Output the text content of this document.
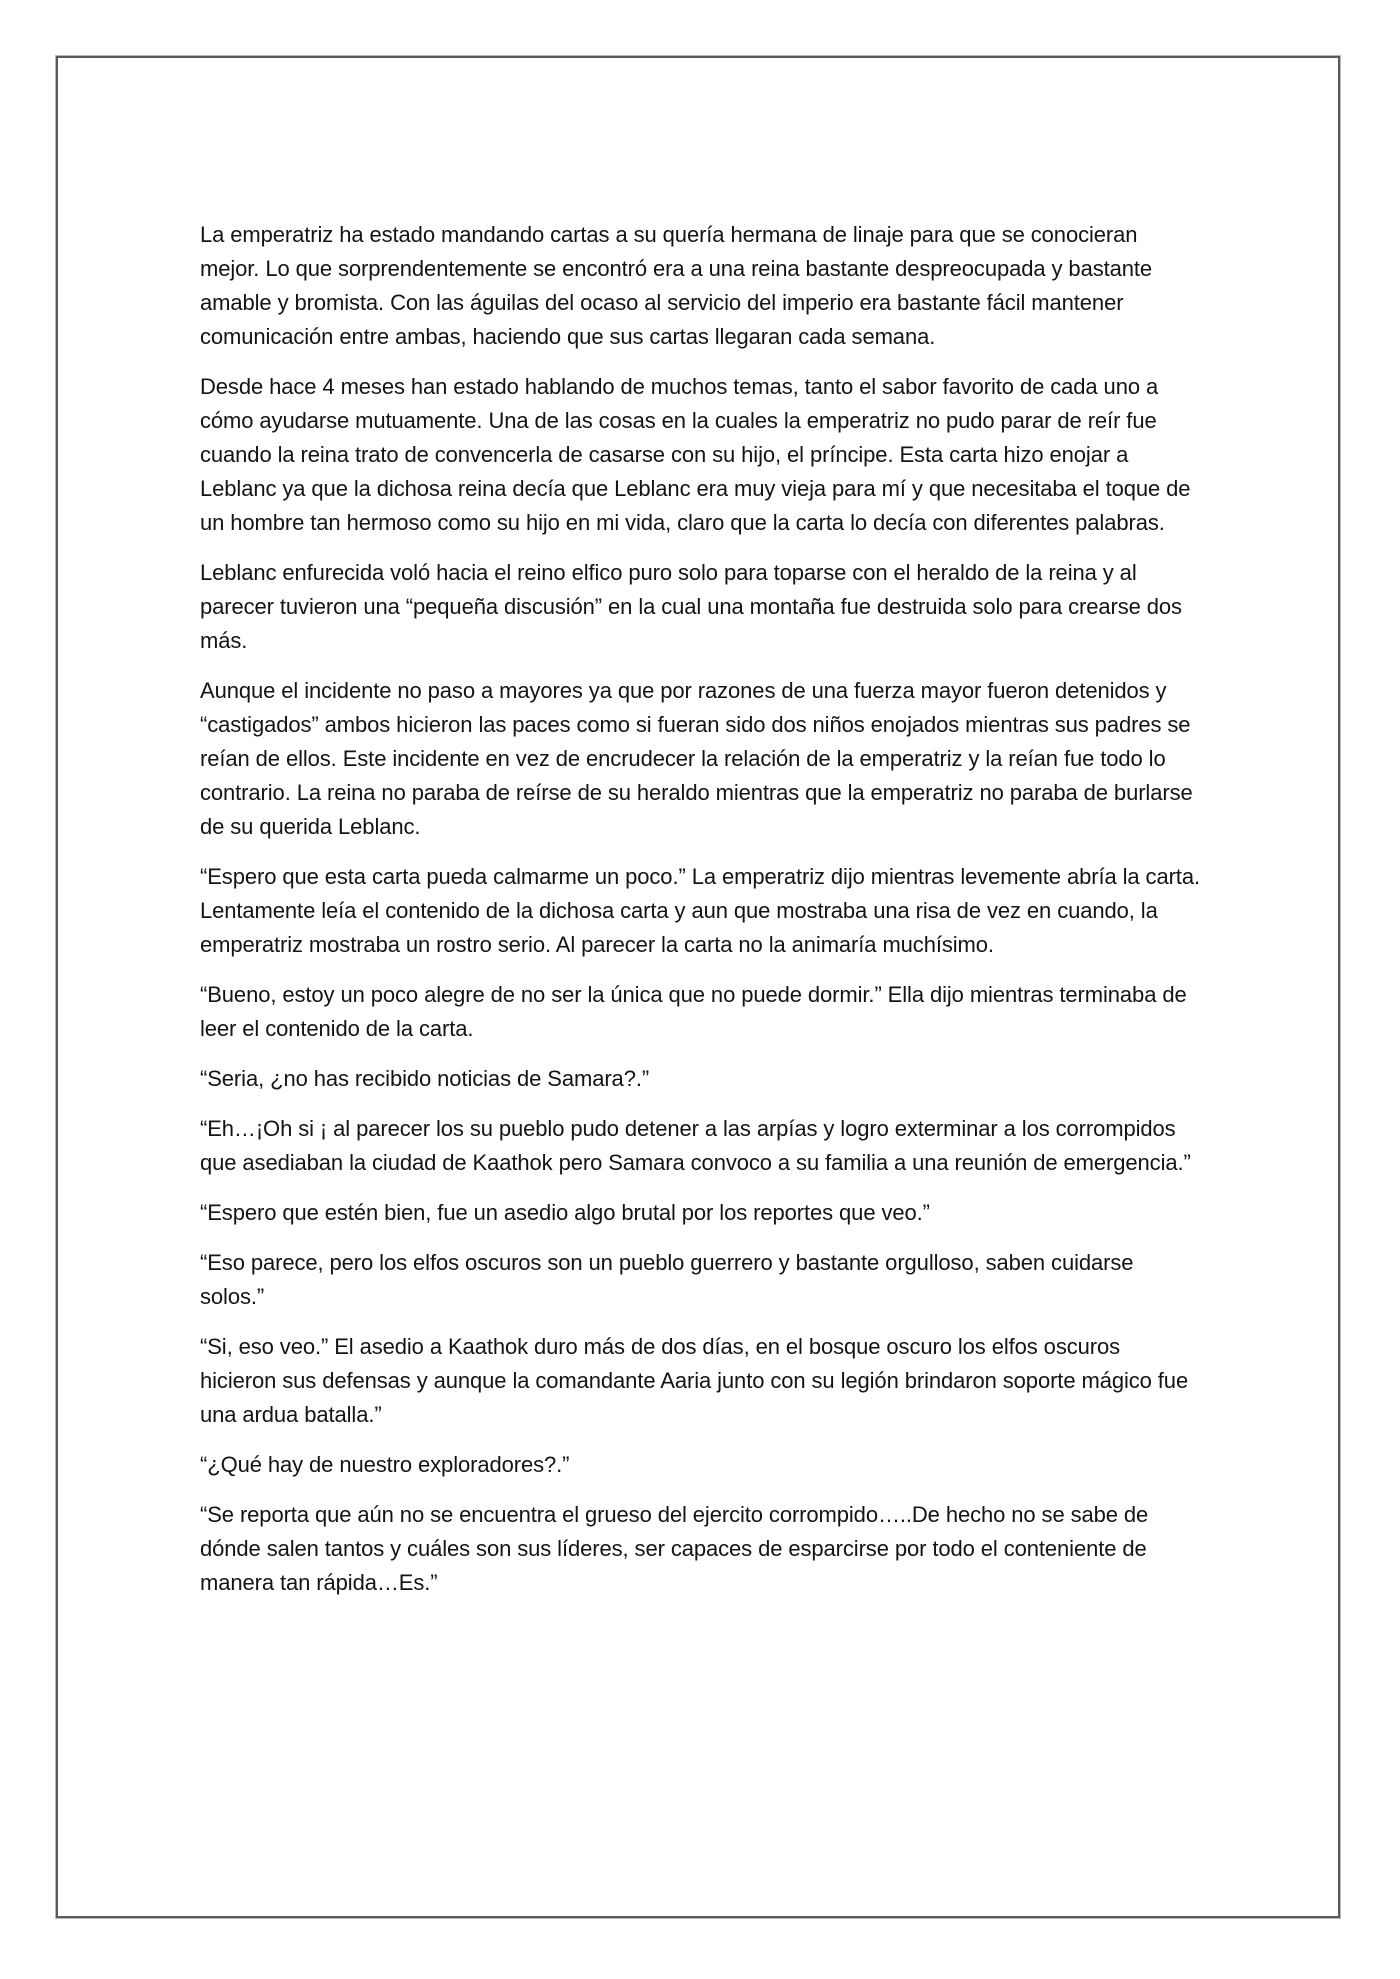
La emperatriz ha estado mandando cartas a su quería hermana de linaje para que se conocieran mejor. Lo que sorprendentemente se encontró era a una reina bastante despreocupada y bastante amable y bromista. Con las águilas del ocaso al servicio del imperio era bastante fácil mantener comunicación entre ambas, haciendo que sus cartas llegaran cada semana.

Desde hace 4 meses han estado hablando de muchos temas, tanto el sabor favorito de cada uno a cómo ayudarse mutuamente. Una de las cosas en la cuales la emperatriz no pudo parar de reír fue cuando la reina trato de convencerla de casarse con su hijo, el príncipe. Esta carta hizo enojar a Leblanc ya que la dichosa reina decía que Leblanc era muy vieja para mí y que necesitaba el toque de un hombre tan hermoso como su hijo en mi vida, claro que la carta lo decía con diferentes palabras.

Leblanc enfurecida voló hacia el reino elfico puro solo para toparse con el heraldo de la reina y al parecer tuvieron una “pequeña discusión” en la cual una montaña fue destruida solo para crearse dos más.

Aunque el incidente no paso a mayores ya que por razones de una fuerza mayor fueron detenidos y “castigados” ambos hicieron las paces como si fueran sido dos niños enojados mientras sus padres se reían de ellos. Este incidente en vez de encrudecer la relación de la emperatriz y la reían fue todo lo contrario. La reina no paraba de reírse de su heraldo mientras que la emperatriz no paraba de burlarse de su querida Leblanc.

“Espero que esta carta pueda calmarme un poco.” La emperatriz dijo mientras levemente abría la carta. Lentamente leía el contenido de la dichosa carta y aun que mostraba una risa de vez en cuando, la emperatriz mostraba un rostro serio. Al parecer la carta no la animaría muchísimo.

“Bueno, estoy un poco alegre de no ser la única que no puede dormir.” Ella dijo mientras terminaba de leer el contenido de la carta.

“Seria, ¿no has recibido noticias de Samara?.”

“Eh…¡Oh si ¡ al parecer los su pueblo pudo detener a las arpías y logro exterminar a los corrompidos que asediaban la ciudad de Kaathok pero Samara convoco a su familia a una reunión de emergencia.”

“Espero que estén bien, fue un asedio algo brutal por los reportes que veo.”

“Eso parece, pero los elfos oscuros son un pueblo guerrero y bastante orgulloso, saben cuidarse solos.”

“Si, eso veo.” El asedio a Kaathok duro más de dos días, en el bosque oscuro los elfos oscuros hicieron sus defensas y aunque la comandante Aaria junto con su legión brindaron soporte mágico fue una ardua batalla.”

“¿Qué hay de nuestro exploradores?.”

“Se reporta que aún no se encuentra el grueso del ejercito corrompido…..De hecho no se sabe de dónde salen tantos y cuáles son sus líderes, ser capaces de esparcirse por todo el conteniente de manera tan rápida…Es.”
